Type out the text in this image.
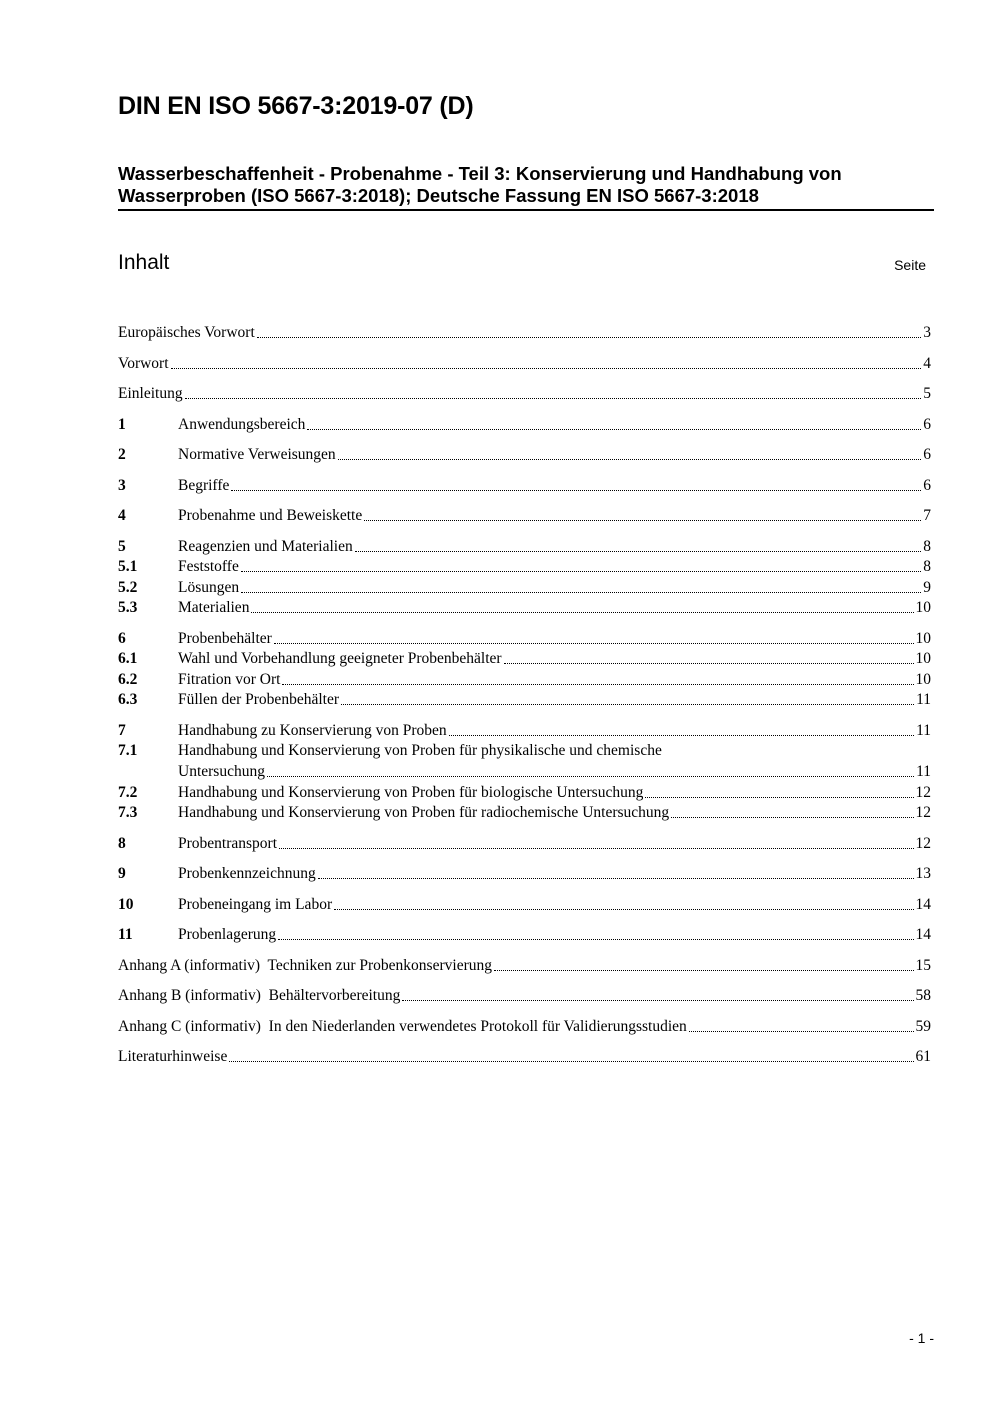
DIN EN ISO 5667-3:2019-07 (D)
Wasserbeschaffenheit - Probenahme - Teil 3: Konservierung und Handhabung von
Wasserproben (ISO 5667-3:2018); Deutsche Fassung EN ISO 5667-3:2018
Inhalt	Seite
Europäisches Vorwort	3
Vorwort	4
Einleitung	5
1	Anwendungsbereich	6
2	Normative Verweisungen	6
3	Begriffe	6
4	Probenahme und Beweiskette	7
5	Reagenzien und Materialien	8
5.1	Feststoffe	8
5.2	Lösungen	9
5.3	Materialien	10
6	Probenbehälter	10
6.1	Wahl und Vorbehandlung geeigneter Probenbehälter	10
6.2	Fitration vor Ort	10
6.3	Füllen der Probenbehälter	11
7	Handhabung zu Konservierung von Proben	11
7.1	Handhabung und Konservierung von Proben für physikalische und chemische
Untersuchung	11
7.2	Handhabung und Konservierung von Proben für biologische Untersuchung	12
7.3	Handhabung und Konservierung von Proben für radiochemische Untersuchung	12
8	Probentransport	12
9	Probenkennzeichnung	13
10	Probeneingang im Labor	14
11	Probenlagerung	14
Anhang A (informativ)  Techniken zur Probenkonservierung	15
Anhang B (informativ)  Behältervorbereitung	58
Anhang C (informativ)  In den Niederlanden verwendetes Protokoll für Validierungsstudien	59
Literaturhinweise	61
- 1 -
